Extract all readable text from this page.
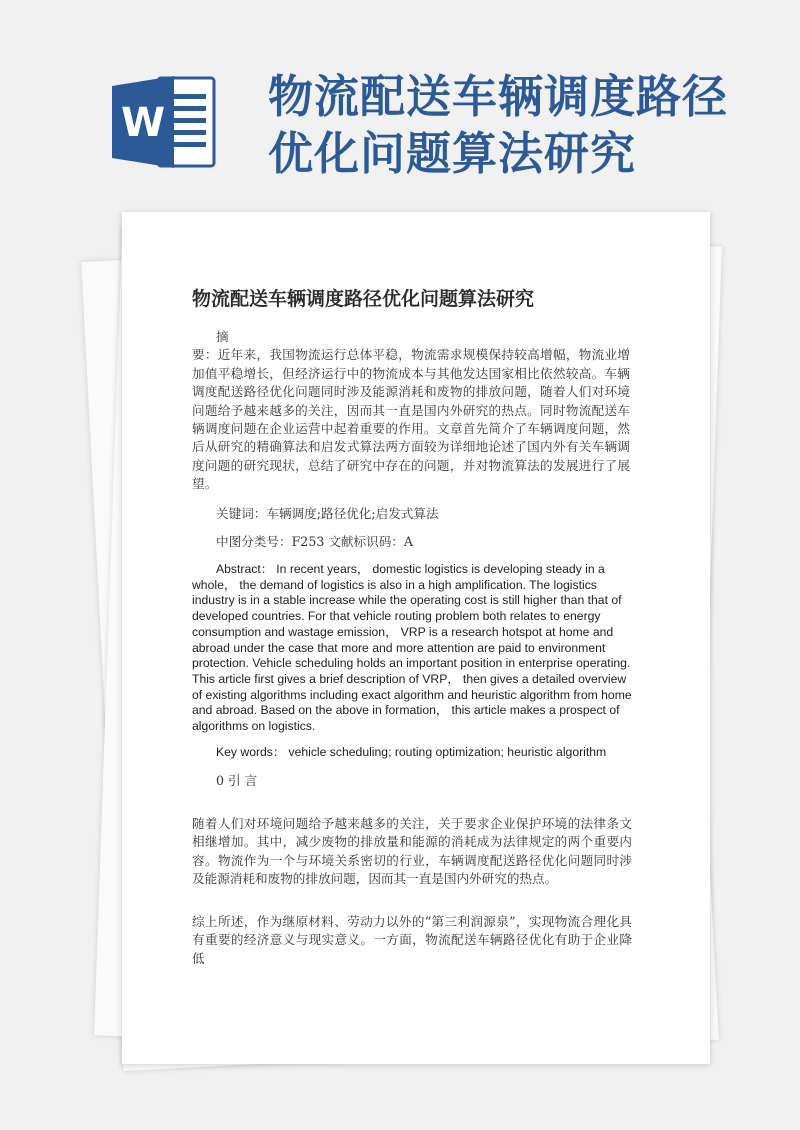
W 物流配送车辆调度路径
优化问题算法研究
物流配送车辆调度路径优化问题算法研究
摘
要：近年来，我国物流运行总体平稳，物流需求规模保持较高增幅，物流业增加值平稳增长，但经济运行中的物流成本与其他发达国家相比依然较高。车辆调度配送路径优化问题同时涉及能源消耗和废物的排放问题，随着人们对环境问题给予越来越多的关注，因而其一直是国内外研究的热点。同时物流配送车辆调度问题在企业运营中起着重要的作用。文章首先简介了车辆调度问题，然后从研究的精确算法和启发式算法两方面较为详细地论述了国内外有关车辆调度问题的研究现状，总结了研究中存在的问题，并对物流算法的发展进行了展望。
关键词：车辆调度;路径优化;启发式算法
中图分类号：F253 文献标识码：A
Abstract： In recent years， domestic logistics is developing steady in a whole， the demand of logistics is also in a high amplification. The logistics industry is in a stable increase while the operating cost is still higher than that of developed countries. For that vehicle routing problem both relates to energy consumption and wastage emission， VRP is a research hotspot at home and abroad under the case that more and more attention are paid to environment protection. Vehicle scheduling holds an important position in enterprise operating. This article first gives a brief description of VRP， then gives a detailed overview of existing algorithms including exact algorithm and heuristic algorithm from home and abroad. Based on the above in formation， this article makes a prospect of algorithms on logistics.
Key words： vehicle scheduling; routing optimization; heuristic algorithm
0 引 言
随着人们对环境问题给予越来越多的关注，关于要求企业保护环境的法律条文相继增加。其中，减少废物的排放量和能源的消耗成为法律规定的两个重要内容。物流作为一个与环境关系密切的行业，车辆调度配送路径优化问题同时涉及能源消耗和废物的排放问题，因而其一直是国内外研究的热点。
综上所述，作为继原材料、劳动力以外的“第三利润源泉”，实现物流合理化具有重要的经济意义与现实意义。一方面，物流配送车辆路径优化有助于企业降低
